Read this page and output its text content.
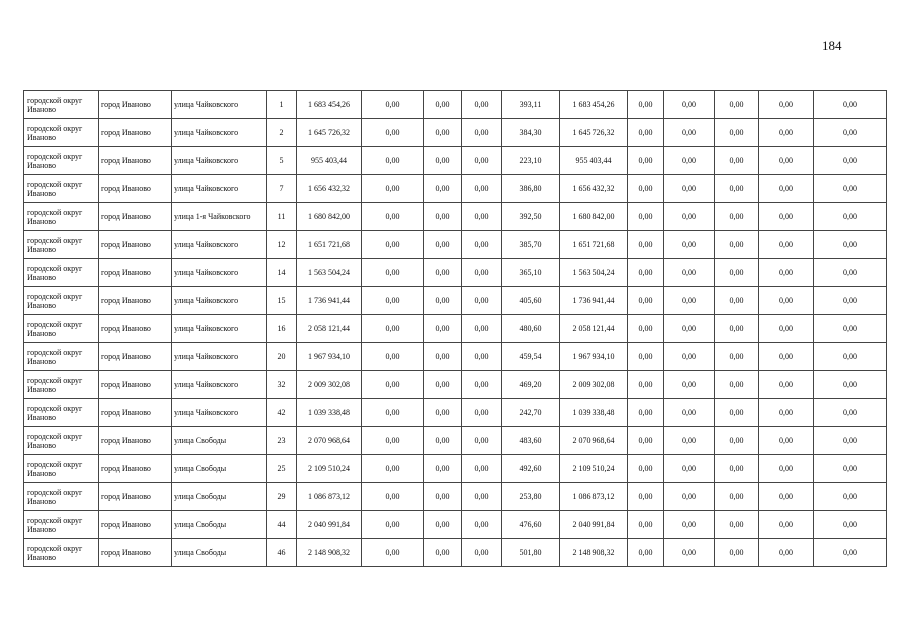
184
городской округ Иваново	город Иваново	улица Чайковского	1	1 683 454,26	0,00	0,00	0,00	393,11	1 683 454,26	0,00	0,00	0,00	0,00	0,00
городской округ Иваново	город Иваново	улица Чайковского	2	1 645 726,32	0,00	0,00	0,00	384,30	1 645 726,32	0,00	0,00	0,00	0,00	0,00
городской округ Иваново	город Иваново	улица Чайковского	5	955 403,44	0,00	0,00	0,00	223,10	955 403,44	0,00	0,00	0,00	0,00	0,00
городской округ Иваново	город Иваново	улица Чайковского	7	1 656 432,32	0,00	0,00	0,00	386,80	1 656 432,32	0,00	0,00	0,00	0,00	0,00
городской округ Иваново	город Иваново	улица 1-я Чайковского	11	1 680 842,00	0,00	0,00	0,00	392,50	1 680 842,00	0,00	0,00	0,00	0,00	0,00
городской округ Иваново	город Иваново	улица Чайковского	12	1 651 721,68	0,00	0,00	0,00	385,70	1 651 721,68	0,00	0,00	0,00	0,00	0,00
городской округ Иваново	город Иваново	улица Чайковского	14	1 563 504,24	0,00	0,00	0,00	365,10	1 563 504,24	0,00	0,00	0,00	0,00	0,00
городской округ Иваново	город Иваново	улица Чайковского	15	1 736 941,44	0,00	0,00	0,00	405,60	1 736 941,44	0,00	0,00	0,00	0,00	0,00
городской округ Иваново	город Иваново	улица Чайковского	16	2 058 121,44	0,00	0,00	0,00	480,60	2 058 121,44	0,00	0,00	0,00	0,00	0,00
городской округ Иваново	город Иваново	улица Чайковского	20	1 967 934,10	0,00	0,00	0,00	459,54	1 967 934,10	0,00	0,00	0,00	0,00	0,00
городской округ Иваново	город Иваново	улица Чайковского	32	2 009 302,08	0,00	0,00	0,00	469,20	2 009 302,08	0,00	0,00	0,00	0,00	0,00
городской округ Иваново	город Иваново	улица Чайковского	42	1 039 338,48	0,00	0,00	0,00	242,70	1 039 338,48	0,00	0,00	0,00	0,00	0,00
городской округ Иваново	город Иваново	улица Свободы	23	2 070 968,64	0,00	0,00	0,00	483,60	2 070 968,64	0,00	0,00	0,00	0,00	0,00
городской округ Иваново	город Иваново	улица Свободы	25	2 109 510,24	0,00	0,00	0,00	492,60	2 109 510,24	0,00	0,00	0,00	0,00	0,00
городской округ Иваново	город Иваново	улица Свободы	29	1 086 873,12	0,00	0,00	0,00	253,80	1 086 873,12	0,00	0,00	0,00	0,00	0,00
городской округ Иваново	город Иваново	улица Свободы	44	2 040 991,84	0,00	0,00	0,00	476,60	2 040 991,84	0,00	0,00	0,00	0,00	0,00
городской округ Иваново	город Иваново	улица Свободы	46	2 148 908,32	0,00	0,00	0,00	501,80	2 148 908,32	0,00	0,00	0,00	0,00	0,00
